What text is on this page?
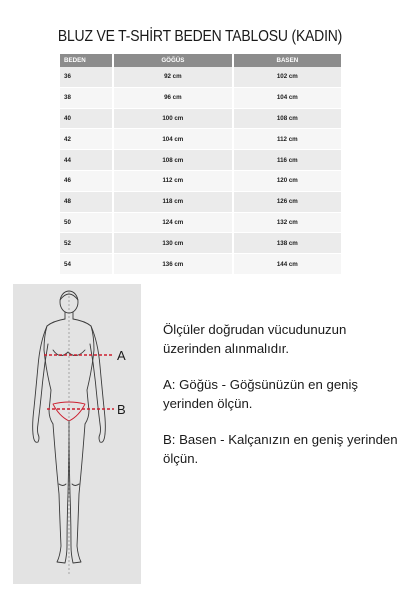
BLUZ VE T-SHİRT BEDEN TABLOSU (KADIN)
BEDEN	GÖĞÜS	BASEN
36	92 cm	102 cm
38	96 cm	104 cm
40	100 cm	108 cm
42	104 cm	112 cm
44	108 cm	116 cm
46	112 cm	120 cm
48	118 cm	126 cm
50	124 cm	132 cm
52	130 cm	138 cm
54	136 cm	144 cm
A
B

Ölçüler doğrudan vücudunuzun üzerinden alınmalıdır.

A: Göğüs - Göğsünüzün en geniş yerinden ölçün.

B: Basen - Kalçanızın en geniş yerinden ölçün.
